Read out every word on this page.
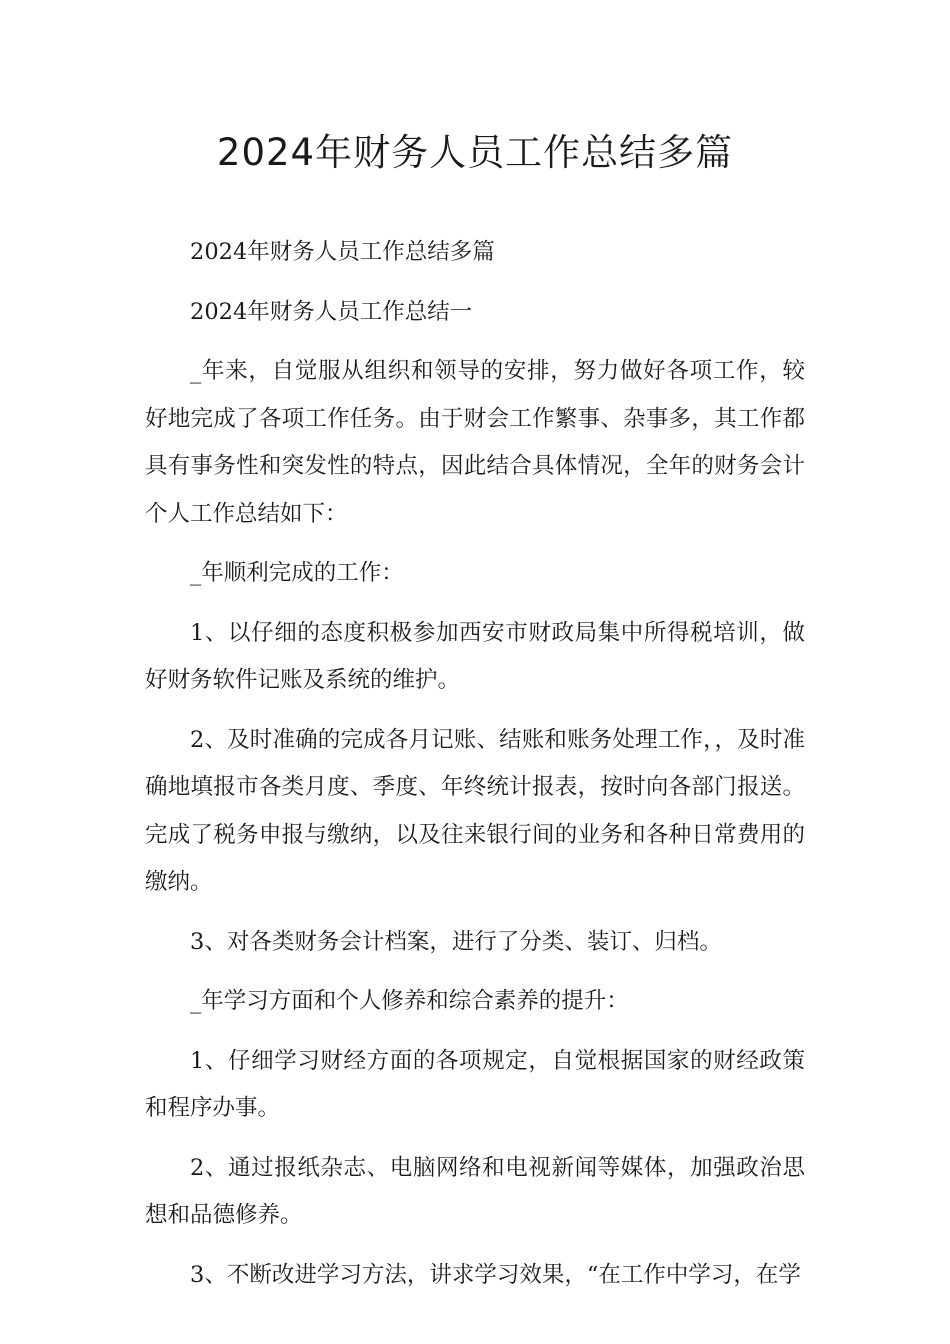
2024年财务人员工作总结多篇

2024年财务人员工作总结多篇

2024年财务人员工作总结一

_年来，自觉服从组织和领导的安排，努力做好各项工作，较好地完成了各项工作任务。由于财会工作繁事、杂事多，其工作都具有事务性和突发性的特点，因此结合具体情况，全年的财务会计个人工作总结如下：

_年顺利完成的工作：

1、以仔细的态度积极参加西安市财政局集中所得税培训，做好财务软件记账及系统的维护。

2、及时准确的完成各月记账、结账和账务处理工作，，及时准确地填报市各类月度、季度、年终统计报表，按时向各部门报送。完成了税务申报与缴纳，以及往来银行间的业务和各种日常费用的缴纳。

3、对各类财务会计档案，进行了分类、装订、归档。

_年学习方面和个人修养和综合素养的提升：

1、仔细学习财经方面的各项规定，自觉根据国家的财经政策和程序办事。

2、通过报纸杂志、电脑网络和电视新闻等媒体，加强政治思想和品德修养。

3、不断改进学习方法，讲求学习效果，“在工作中学习，在学
